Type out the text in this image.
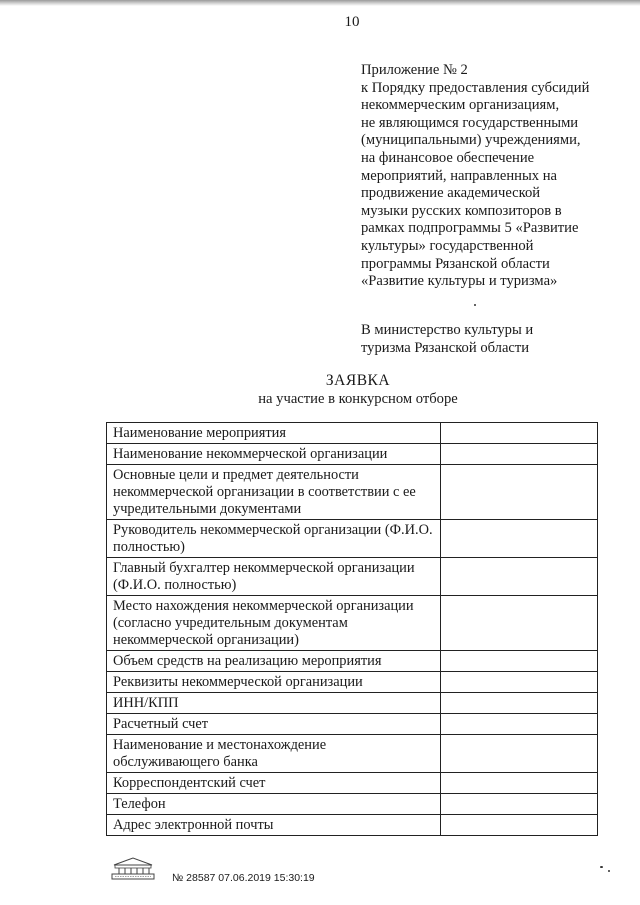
10
Приложение № 2
к Порядку предоставления субсидий
некоммерческим организациям,
не являющимся государственными
(муниципальными) учреждениями,
на финансовое обеспечение
мероприятий, направленных на
продвижение академической
музыки русских композиторов в
рамках подпрограммы 5 «Развитие
культуры» государственной
программы Рязанской области
«Развитие культуры и туризма»
В министерство культуры и
туризма Рязанской области
ЗАЯВКА
на участие в конкурсном отборе
Наименование мероприятия	
Наименование некоммерческой организации	
Основные цели и предмет деятельности некоммерческой организации в соответствии с ее учредительными документами	
Руководитель некоммерческой организации (Ф.И.О. полностью)	
Главный бухгалтер некоммерческой организации (Ф.И.О. полностью)	
Место нахождения некоммерческой организации (согласно учредительным документам некоммерческой организации)	
Объем средств на реализацию мероприятия	
Реквизиты некоммерческой организации	
ИНН/КПП	
Расчетный счет	
Наименование и местонахождение обслуживающего банка	
Корреспондентский счет	
Телефон	
Адрес электронной почты	
№ 28587 07.06.2019 15:30:19
